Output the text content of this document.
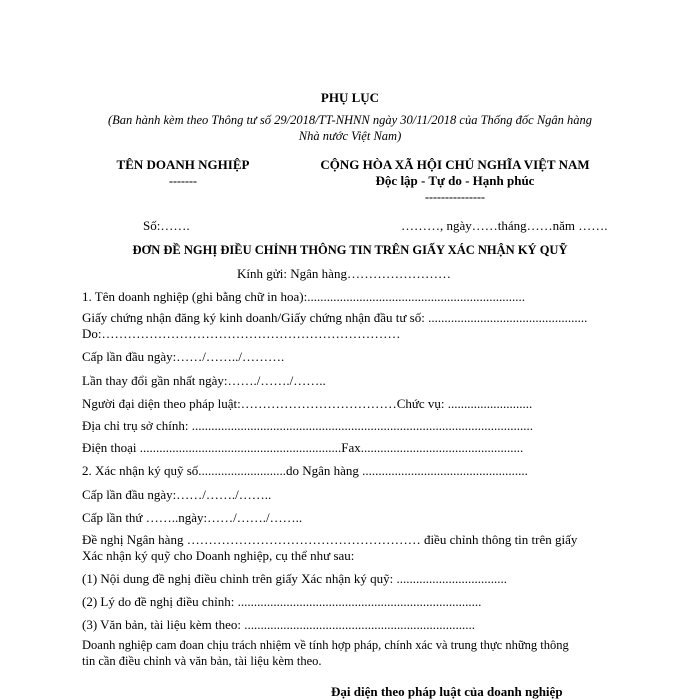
PHỤ LỤC
(Ban hành kèm theo Thông tư số 29/2018/TT-NHNN ngày 30/11/2018 của Thống đốc Ngân hàng
Nhà nước Việt Nam)
TÊN DOANH NGHIỆP
-------
CỘNG HÒA XÃ HỘI CHỦ NGHĨA VIỆT NAM
Độc lập - Tự do - Hạnh phúc
---------------
Số:…….	………, ngày……tháng……năm …….
ĐƠN ĐỀ NGHỊ ĐIỀU CHỈNH THÔNG TIN TRÊN GIẤY XÁC NHẬN KÝ QUỸ
Kính gửi: Ngân hàng……………………
1. Tên doanh nghiệp (ghi bằng chữ in hoa):...................................................................
Giấy chứng nhận đăng ký kinh doanh/Giấy chứng nhận đầu tư số: .................................................
Do:……………………………………………………………
Cấp lần đầu ngày:……/……../……….
Lần thay đổi gần nhất ngày:……./……./……..
Người đại diện theo pháp luật:………………………………Chức vụ: ..........................
Địa chỉ trụ sở chính: .........................................................................................................
Điện thoại ..............................................................Fax..................................................
2. Xác nhận ký quỹ số...........................do Ngân hàng ...................................................
Cấp lần đầu ngày:……/……./……..
Cấp lần thứ ……..ngày:……/……./……..
Đề nghị Ngân hàng ……………………………………………… điều chỉnh thông tin trên giấy
Xác nhận ký quỹ cho Doanh nghiệp, cụ thể như sau:
(1) Nội dung đề nghị điều chỉnh trên giấy Xác nhận ký quỹ: ..................................
(2) Lý do đề nghị điều chỉnh: ...........................................................................
(3) Văn bản, tài liệu kèm theo: .......................................................................
Doanh nghiệp cam đoan chịu trách nhiệm về tính hợp pháp, chính xác và trung thực những thông
tin cần điều chỉnh và văn bản, tài liệu kèm theo.
Đại diện theo pháp luật của doanh nghiệp
